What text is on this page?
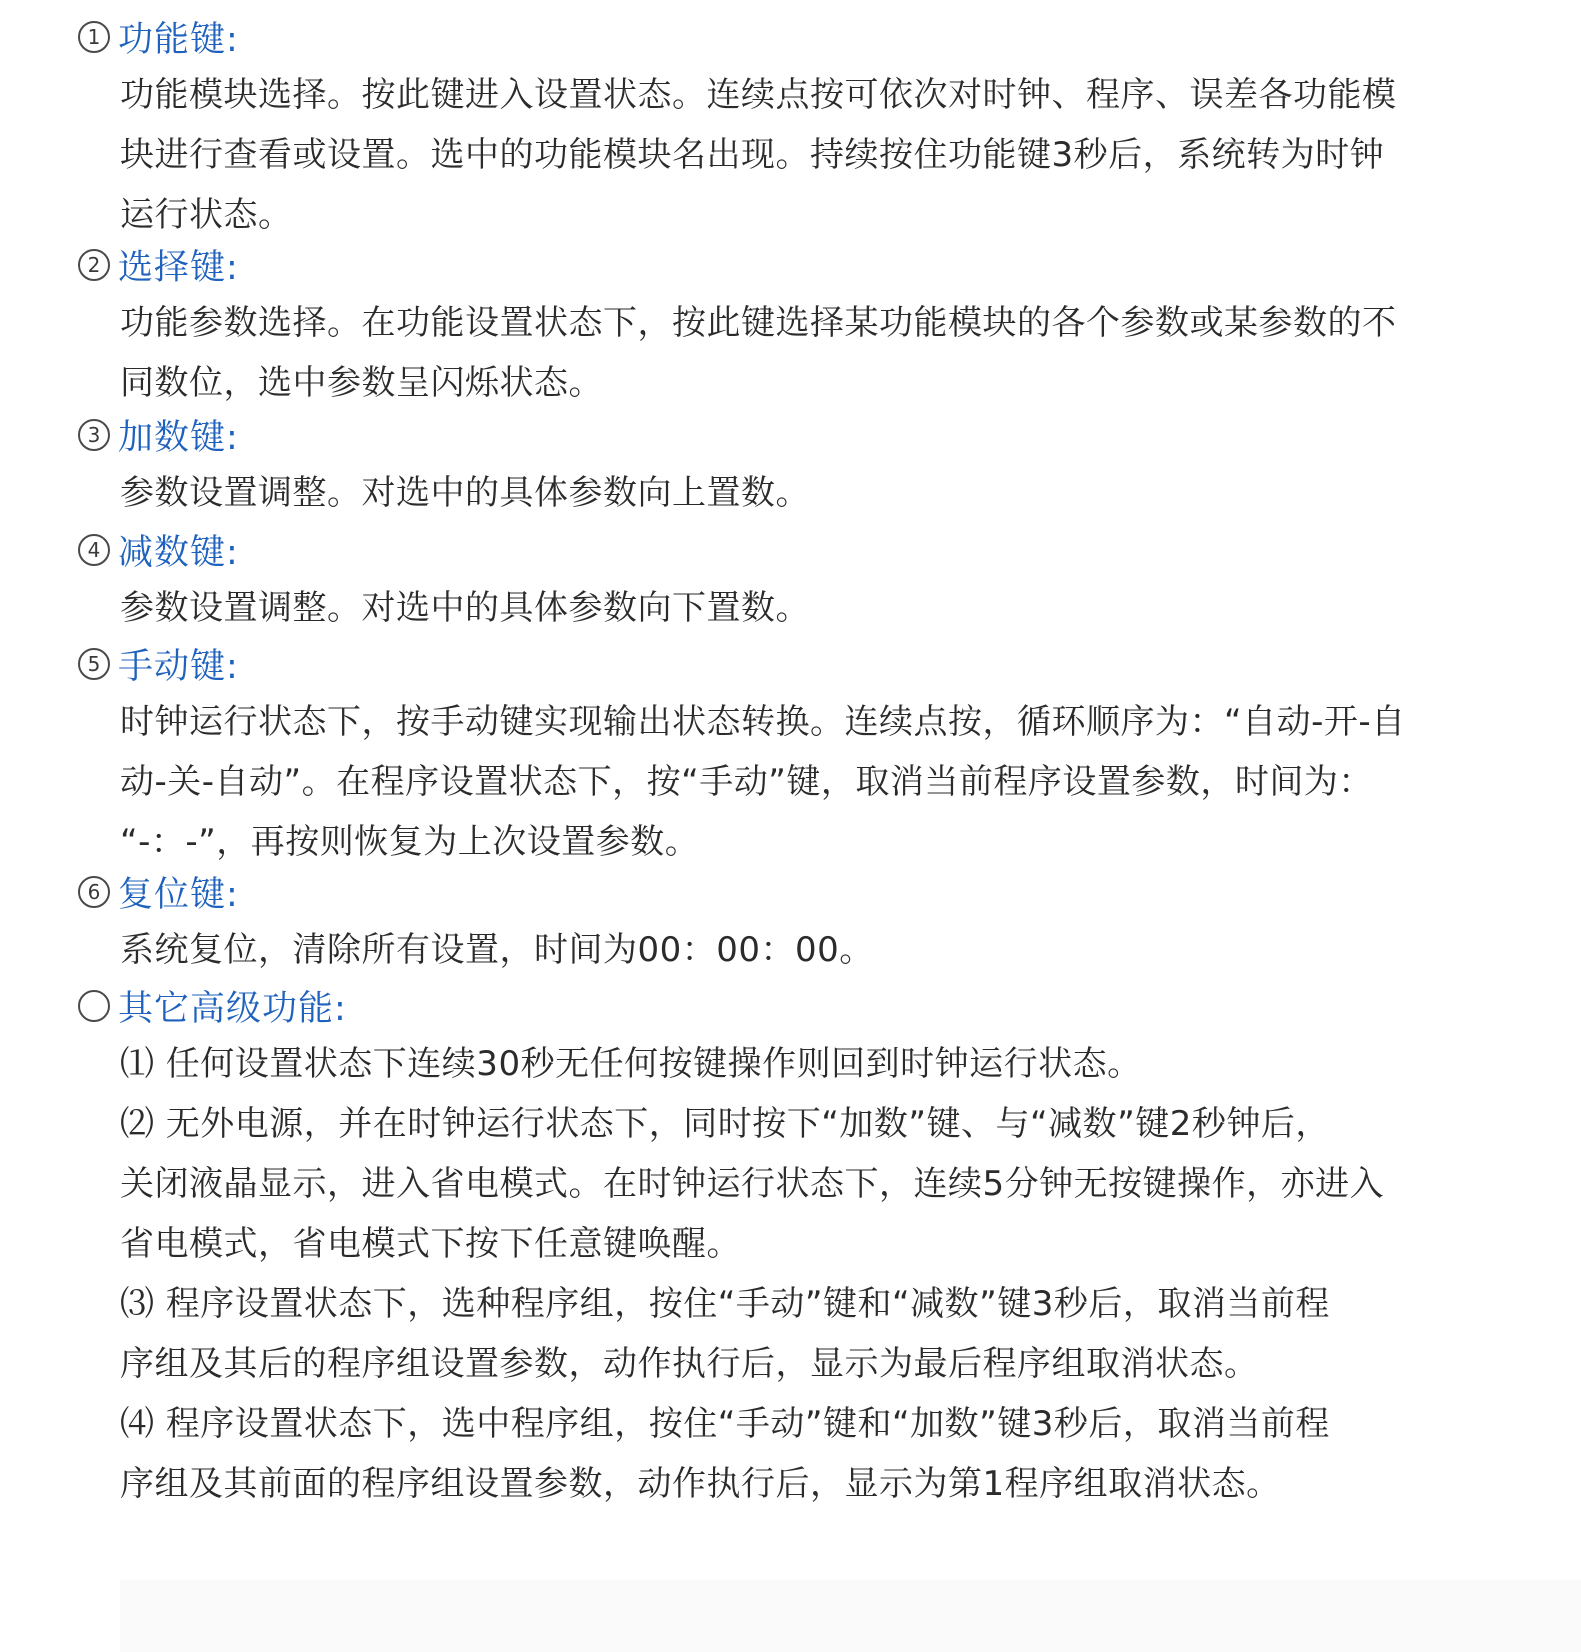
1 功能键:
功能模块选择。按此键进入设置状态。连续点按可依次对时钟、程序、误差各功能模
块进行查看或设置。选中的功能模块名出现。持续按住功能键3秒后，系统转为时钟
运行状态。
2 选择键:
功能参数选择。在功能设置状态下，按此键选择某功能模块的各个参数或某参数的不
同数位，选中参数呈闪烁状态。
3 加数键:
参数设置调整。对选中的具体参数向上置数。
4 减数键:
参数设置调整。对选中的具体参数向下置数。
5 手动键:
时钟运行状态下，按手动键实现输出状态转换。连续点按，循环顺序为：“自动-开-自
动-关-自动”。在程序设置状态下，按“手动”键，取消当前程序设置参数，时间为：
“-：-”，再按则恢复为上次设置参数。
6 复位键:
系统复位，清除所有设置，时间为00：00：00。
其它高级功能:
⑴ 任何设置状态下连续30秒无任何按键操作则回到时钟运行状态。
⑵ 无外电源，并在时钟运行状态下，同时按下“加数”键、与“减数”键2秒钟后，
关闭液晶显示，进入省电模式。在时钟运行状态下，连续5分钟无按键操作，亦进入
省电模式，省电模式下按下任意键唤醒。
⑶ 程序设置状态下，选种程序组，按住“手动”键和“减数”键3秒后，取消当前程
序组及其后的程序组设置参数，动作执行后，显示为最后程序组取消状态。
⑷ 程序设置状态下，选中程序组，按住“手动”键和“加数”键3秒后，取消当前程
序组及其前面的程序组设置参数，动作执行后，显示为第1程序组取消状态。
